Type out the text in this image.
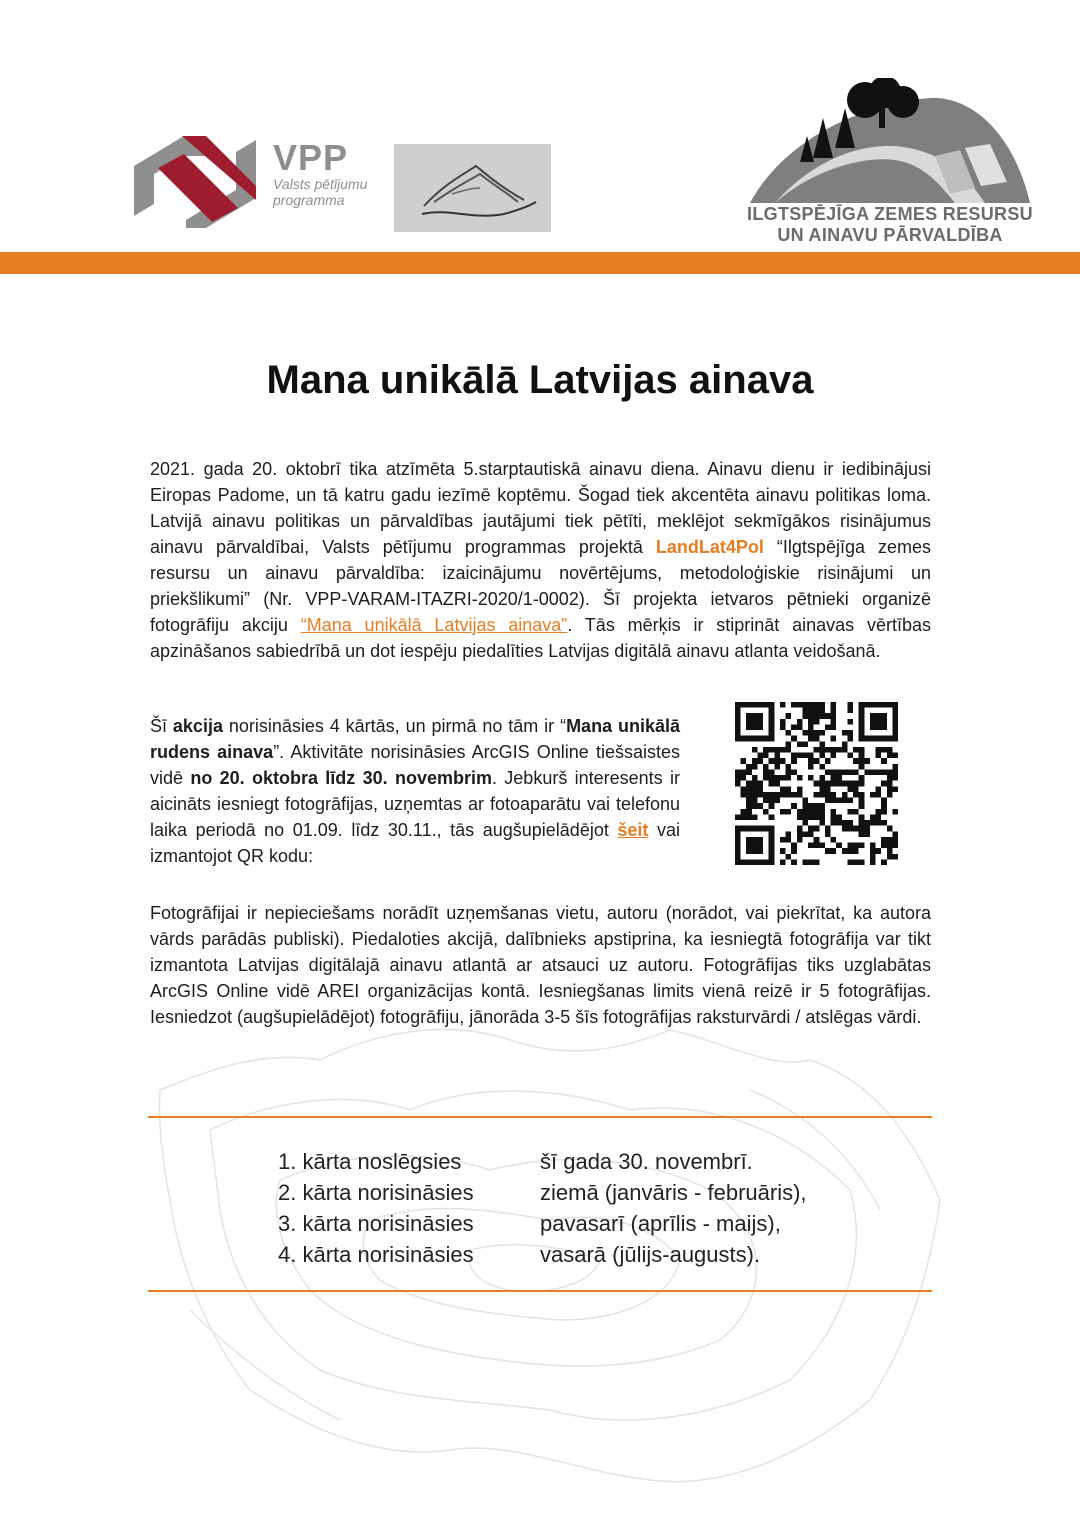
VPP
Valsts pētījumu
programma
ILGTSPĒJĪGA ZEMES RESURSU
UN AINAVU PĀRVALDĪBA
Mana unikālā Latvijas ainava
2021. gada 20. oktobrī tika atzīmēta 5.starptautiskā ainavu diena. Ainavu dienu ir iedibinājusi Eiropas Padome, un tā katru gadu iezīmē koptēmu. Šogad tiek akcentēta ainavu politikas loma. Latvijā ainavu politikas un pārvaldības jautājumi tiek pētīti, meklējot sekmīgākos risinājumus ainavu pārvaldībai, Valsts pētījumu programmas projektā LandLat4Pol “Ilgtspējīga zemes resursu un ainavu pārvaldība: izaicinājumu novērtējums, metodoloģiskie risinājumi un priekšlikumi” (Nr. VPP-VARAM-ITAZRI-2020/1-0002). Šī projekta ietvaros pētnieki organizē fotogrāfiju akciju “Mana unikālā Latvijas ainava”. Tās mērķis ir stiprināt ainavas vērtības apzināšanos sabiedrībā un dot iespēju piedalīties Latvijas digitālā ainavu atlanta veidošanā.
Šī akcija norisināsies 4 kārtās, un pirmā no tām ir “Mana unikālā rudens ainava”. Aktivitāte norisināsies ArcGIS Online tiešsaistes vidē no 20. oktobra līdz 30. novembrim. Jebkurš interesents ir aicināts iesniegt fotogrāfijas, uzņemtas ar fotoaparātu vai telefonu laika periodā no 01.09. līdz 30.11., tās augšupielādējot šeit vai izmantojot QR kodu:
Fotogrāfijai ir nepieciešams norādīt uzņemšanas vietu, autoru (norādot, vai piekrītat, ka autora vārds parādās publiski). Piedaloties akcijā, dalībnieks apstiprina, ka iesniegtā fotogrāfija var tikt izmantota Latvijas digitālajā ainavu atlantā ar atsauci uz autoru. Fotogrāfijas tiks uzglabātas ArcGIS Online vidē AREI organizācijas kontā. Iesniegšanas limits vienā reizē ir 5 fotogrāfijas. Iesniedzot (augšupielādējot) fotogrāfiju, jānorāda 3-5 šīs fotogrāfijas raksturvārdi / atslēgas vārdi.
1. kārta noslēgsies	šī gada 30. novembrī.
2. kārta norisināsies	ziemā (janvāris - februāris),
3. kārta norisināsies	pavasarī (aprīlis - maijs),
4. kārta norisināsies	vasarā (jūlijs-augusts).
